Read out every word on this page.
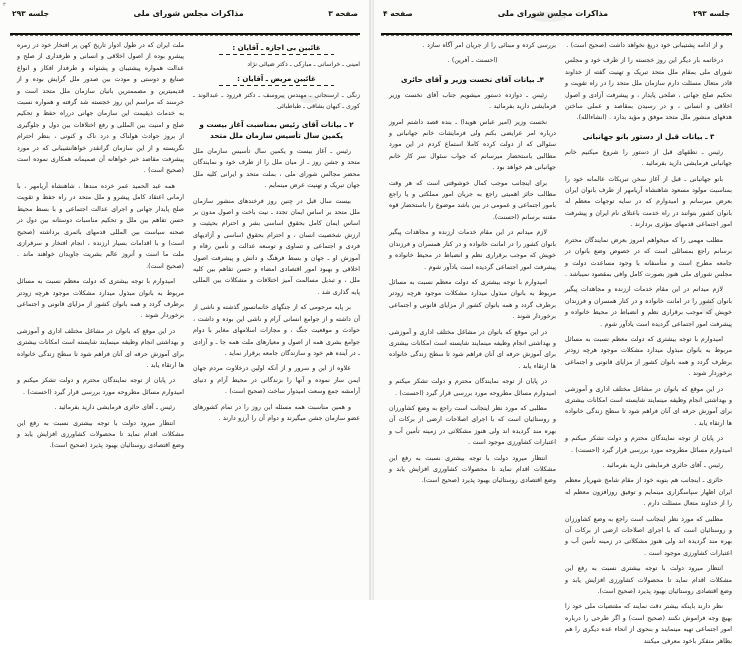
جلسه ۲۹۳
مذاکرات مجلس شورای ملی
صفحه ۴

و از ادامه پشتیبانی خود دریغ نخواهد داشت (صحیح است) .

درخاتمه بار دیگر این روز خجسته را از طرف خود و مجلس شورای ملی بمقام ملل متحد تبریک و تهنیت گفته از خداوند قادر متعال مسئلت دارم سازمان ملل متحد را در راه تقویت و تحکیم صلح جهانی ، صلحی پایدار ، و پیشرفت آزادی و اصول اخلاقی و انسانی ، و در رسیدن بمقاصد و عملی ساختن هدفهای منشور ملل متحد موفق و مؤید بدارد . (انشاءالله).

۳ ـ بیانات قبل از دستور بانو جهانبانی

رئیس ـ نطقهای قبل از دستور را شروع میکنیم خانم جهانبانی فرمایشی دارید بفرمائید .

بانو جهانبانی ـ قبل از آغاز سخن تبریکات عالمانه خود را بمناسبت مولود مسعود شاهنشاه آریامهر از طرف بانوان ایران بعرض میرسانم و امیدوارم که در سایه توجهات معظم له بانوان کشور بتوانند در راه خدمت باعتلای نام ایران و پیشرفت امور اجتماعی قدمهای مؤثری بردارند .

مطلب مهمی را که میخواهم امروز بعرض نمایندگان محترم برسانم راجع بمسائلی است که در خصوص وضع بانوان در جامعه مطرح است و متأسفانه با وجود مساعدت دولت و مجلس شورای ملی هنوز بصورت کامل وافی بمقصود نمیباشد .

لازم میدانم در این مقام خدمات ارزنده و مجاهدات پیگیر بانوان کشور را در امانت خانواده و در کنار همسران و فرزندان خویش که موجب برقراری نظم و انضباط در محیط خانواده و پیشرفت امور اجتماعی گردیده است یادآور شوم .

امیدوارم با توجه بیشتری که دولت معظم نسبت به مسائل مربوط به بانوان مبذول میدارد مشکلات موجود هرچه زودتر برطرف گردد و همه بانوان کشور از مزایای قانونی و اجتماعی برخوردار شوند .

در این موقع که بانوان در مشاغل مختلف اداری و آموزشی و بهداشتی انجام وظیفه مینمایند شایسته است امکانات بیشتری برای آموزش حرفه ای آنان فراهم شود تا سطح زندگی خانواده ها ارتقاء یابد .

در پایان از توجه نمایندگان محترم و دولت تشکر میکنم و امیدوارم مسائل مطروحه مورد بررسی قرار گیرد (احسنت) .

رئیس ـ آقای حائری فرمایشی دارید بفرمائید .

حائری ـ اینجانب هم بنوبه خود از مقام شامخ شهریار معظم ایران اظهار سپاسگزاری مینمایم و توفیق روزافزون معظم له را از خداوند متعال مسئلت دارم .

مطلبی که مورد نظر اینجانب است راجع به وضع کشاورزان و روستائیان است که با اجرای اصلاحات ارضی از برکات آن بهره مند گردیده اند ولی هنوز مشکلاتی در زمینه تأمین آب و اعتبارات کشاورزی موجود است .

انتظار میرود دولت با توجه بیشتری نسبت به رفع این مشکلات اقدام نماید تا محصولات کشاورزی افزایش یابد و وضع اقتصادی روستائیان بهبود پذیرد (صحیح است).

نظر دارند باینکه بیشتر دقت نمایند که مقتضیات ملی خود را بهیچ وجه فراموش نکنند (صحیح است) و اگر طرحی را درباره امور اجتماعی تهیه مینمایند و بنحوی از انحاء عده دیگری را هم بظاهر متفکر باخود معرفی میکنند

بررسی کرده و مبنائی را از جریان امر آگاه سازد .

(احسنت ـ آفرین) .

۴ـ بیانات آقای نخست وزیر و آقای حائری

رئیس ـ دوازده دستور میشویم جناب آقای نخست وزیر فرمایشی دارید بفرمائید .

نخست وزیر (امیر عباس هویدا) ـ بنده قصد داشتم امروز درباره امر عرایضی بکنم ولی فرمایشات خانم جهانبانی و سئوالی که از دولت کرده کاملا استماع کردم در این مورد مطالبی باستحضار میرسانم که جواب سئوال سر کار خانم جهانبانی هم خواهد بود .

برای اینجانب موجب کمال خوشوقتی است که هر وقت مطالب حائز اهمیتی راجع به جریان امور مملکتی و یا راجع بامور اجتماعی و عمومی در بین باشد موضوع را باستحضار قوه مقننه برسانم (احسنت).

لازم میدانم در این مقام خدمات ارزنده و مجاهدات پیگیر بانوان کشور را در امانت خانواده و در کنار همسران و فرزندان خویش که موجب برقراری نظم و انضباط در محیط خانواده و پیشرفت امور اجتماعی گردیده است یادآور شوم .

امیدوارم با توجه بیشتری که دولت معظم نسبت به مسائل مربوط به بانوان مبذول میدارد مشکلات موجود هرچه زودتر برطرف گردد و همه بانوان کشور از مزایای قانونی و اجتماعی برخوردار شوند .

در این موقع که بانوان در مشاغل مختلف اداری و آموزشی و بهداشتی انجام وظیفه مینمایند شایسته است امکانات بیشتری برای آموزش حرفه ای آنان فراهم شود تا سطح زندگی خانواده ها ارتقاء یابد .

در پایان از توجه نمایندگان محترم و دولت تشکر میکنم و امیدوارم مسائل مطروحه مورد بررسی قرار گیرد (احسنت) .

مطلبی که مورد نظر اینجانب است راجع به وضع کشاورزان و روستائیان است که با اجرای اصلاحات ارضی از برکات آن بهره مند گردیده اند ولی هنوز مشکلاتی در زمینه تأمین آب و اعتبارات کشاورزی موجود است .

انتظار میرود دولت با توجه بیشتری نسبت به رفع این مشکلات اقدام نماید تا محصولات کشاورزی افزایش یابد و وضع اقتصادی روستائیان بهبود پذیرد (صحیح است).

۳
صفحه ۳
مذاکرات مجلس شورای ملی
جلسه ۲۹۳
غائبین بی اجازه ـ آقایان :
امینی ـ خراسانی ـ مبارکی ـ دکتر ضیائی نژاد
غائبین مریض ـ آقایان :
زنگی ـ ارسنجانی ـ مهندس پیروسف ـ دکتر فرزود ـ عبدالوند ـ کوری ـ کیهان بشاقی ـ طباطبائی
۲ ـ بیانات آقای رئیس بمناسبت آغاز بیست و یکمین سال تأسیس سازمان ملل متحد

رئیس ـ آغاز بیست و یکمین سال تأسیس سازمان ملل متحد و جشن روز ـ از میان ملل را از طرف خود و نمایندگان محضر مجالس شورای ملی ، بملت متحد و ایرانی کلیه ملل جهان تبریک و تهنیت عرض مینمایم .

بیست سال قبل در چنین روز فرخندهای منشور سازمان ملل متحد بر اساس ایمان تجدد ـ نیت باخت و اصول مدون بر اساس ایمان کامل بحقوق اساسی بشر و احترام بحیثیت و ارزش شخصیت انسان ، و احترام بحقوق اساسی و آزادیهای فردی و اجتماعی و تساوی و توسعه عدالت و تأمین رفاه و آموزش او ـ جهان و بسط فرهنگ و دانش و پیشرفت اصول اخلاقی و بهبود امور اقتصادی امضاء و حسن تفاهم بین کلیه ملل ، و تبدیل مسالمت آمیز اختلافات و مشکلات بین المللی پایه گذاری شد .

بر پایه مرحومی که از جنگهای خانمانسوز گذشته و ناشی از آن داشته و از جوامع انسانی آرام و ناشی این بوده و داشت ، حوادث و موقعیت جنگ ، و مجازات اسلامهای مغایر با دوام جوامع بشری همه از اصول و معیارهای ملت همه جا ـ و آزادی ـ در آینده هم خود و سازندگان جامعه برقرار نماید .

علاوه از این و سرور و از آنکه اولین درخلاوت مردم جهان ایمن ساز نموده و آنها را بزندگانی در محیط آرام و دنیای آرامشه جمع وسعت امیدوار ساخت (صحیح است) .

و همین مناسبت همه مسئله این روز را در تمام کشورهای عضو سازمان جشن میگیرند و دوام آن را آرزو دارند .

ملت ایران که در طول ادوار تاریخ کهن پر افتخار خود در زمره پیشرو بوده از اصول اخلاقی و انسانی و طرفداری از صلح و عدالت همواره پیشتیبان و پشتوانه و طرفدار افکار و انواع صنایع و دوستی و مودت بین صدور ملل گرایش بوده و از قدیمیترین و مصممترین بانیان سازمان ملل متحد است و خرسند که مراسم این روز خجسته شد گرفته و همواره نسبت به خدمات ذیقیمت این سازمان جهانی درراه حفظ و تحکیم صلح و امنیت بین المللی و رفع اختلافات بین دول و جلوگیری از بروز حوادث هولناک و درد ناک و کنونی ، بنظر احترام نگریسته و از این سازمان گرانقدر خواهانشیبانی که در مورد پیشرفت مقاصد خیر خواهانه آن صمیمانه همکاری نموده است (صحیح است) .

همه عبد الحمید عمر خرده مندها ، شاهنشاه آریامهر ، با ارمانی اعتقاد کامل پیشرو و ملل متحد در راه حفظ و تقویت صلح پایدار جهانی و اجرای عدالت اجتماعی و با بسط محیط حسن تفاهم بین ملل و تحکیم مناسبات دوستانه بین دول در صحنه سیاست بین المللی قدمهای باثمری برداشته (صحیح است) و با اقدامات بسیار ارزنده ، انجام افتخار و سرفرازی ملت ما است و آنروز عالم بشریت جاویدان خواهند ماند . (صحیح است).

امیدوارم با توجه بیشتری که دولت معظم نسبت به مسائل مربوط به بانوان مبذول میدارد مشکلات موجود هرچه زودتر برطرف گردد و همه بانوان کشور از مزایای قانونی و اجتماعی برخوردار شوند .

در این موقع که بانوان در مشاغل مختلف اداری و آموزشی و بهداشتی انجام وظیفه مینمایند شایسته است امکانات بیشتری برای آموزش حرفه ای آنان فراهم شود تا سطح زندگی خانواده ها ارتقاء یابد .

در پایان از توجه نمایندگان محترم و دولت تشکر میکنم و امیدوارم مسائل مطروحه مورد بررسی قرار گیرد (احسنت) .

رئیس ـ آقای حائری فرمایشی دارید بفرمائید .

انتظار میرود دولت با توجه بیشتری نسبت به رفع این مشکلات اقدام نماید تا محصولات کشاورزی افزایش یابد و وضع اقتصادی روستائیان بهبود پذیرد (صحیح است).
